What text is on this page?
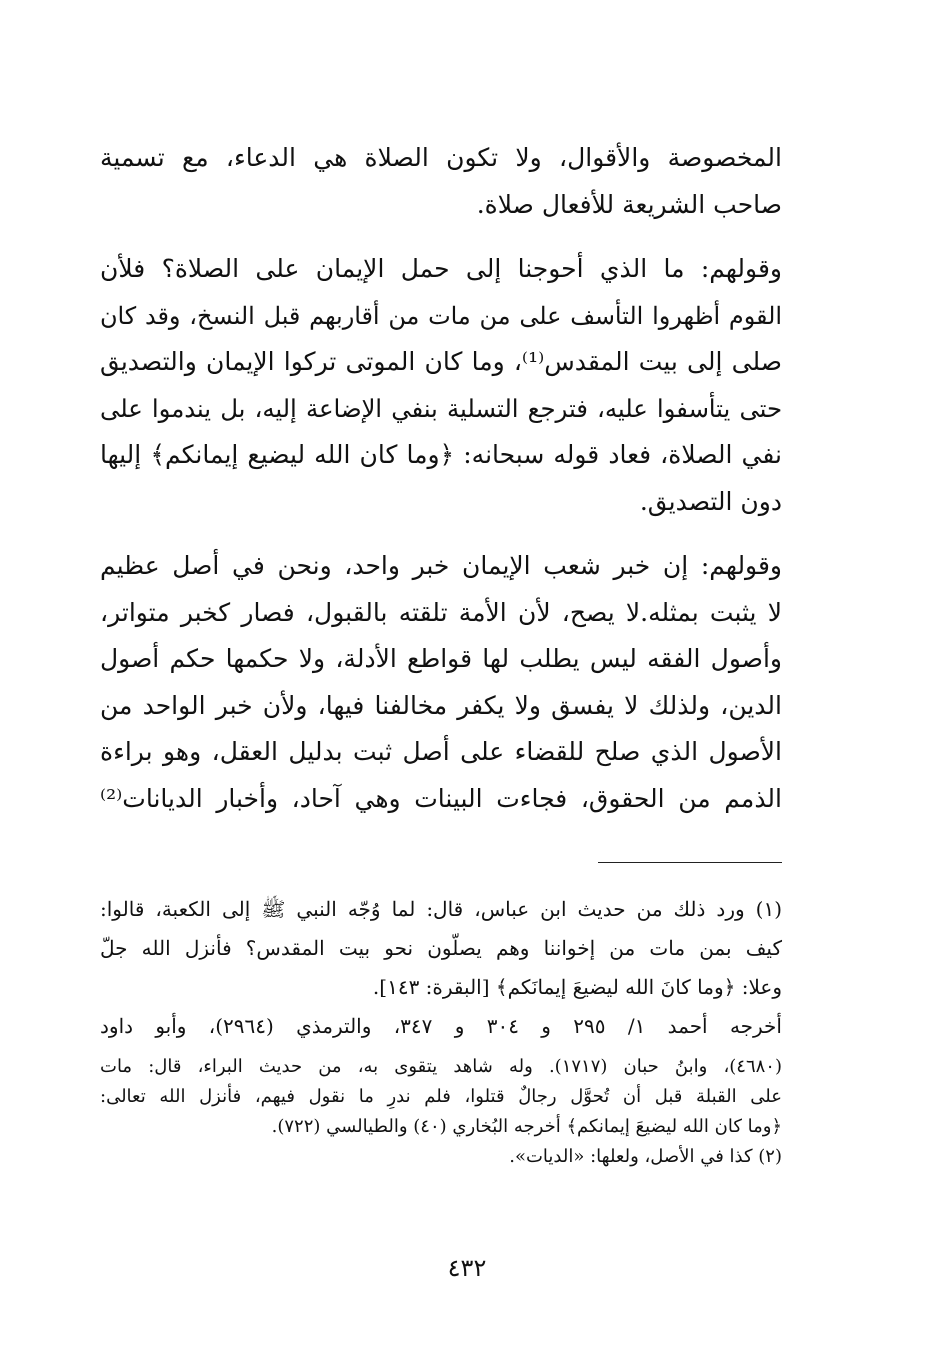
المخصوصة والأقوال، ولا تكون الصلاة هي الدعاء، مع تسمية
صاحب الشريعة للأفعال صلاة.

وقولهم: ما الذي أحوجنا إلى حمل الإيمان على الصلاة؟ فلأن
القوم أظهروا التأسف على من مات من أقاربهم قبل النسخ، وقد كان
صلى إلى بيت المقدس⁽¹⁾، وما كان الموتى تركوا الإيمان والتصديق
حتى يتأسفوا عليه، فترجع التسلية بنفي الإضاعة إليه، بل يندموا على
نفي الصلاة، فعاد قوله سبحانه: ﴿وما كان الله ليضيع إيمانكم﴾ إليها
دون التصديق.

وقولهم: إن خبر شعب الإيمان خبر واحد، ونحن في أصل عظيم
لا يثبت بمثله.لا يصح، لأن الأمة تلقته بالقبول، فصار كخبر متواتر،
وأصول الفقه ليس يطلب لها قواطع الأدلة، ولا حكمها حكم أصول
الدين، ولذلك لا يفسق ولا يكفر مخالفنا فيها، ولأن خبر الواحد من
الأصول الذي صلح للقضاء على أصل ثبت بدليل العقل، وهو براءة
الذمم من الحقوق، فجاءت البينات وهي آحاد، وأخبار الديانات⁽²⁾

(١) ورد ذلك من حديث ابن عباس، قال: لما وُجّه النبي ﷺ إلى الكعبة، قالوا:
كيف بمن مات من إخواننا وهم يصلّون نحو بيت المقدس؟ فأنزل الله جلّ
وعلا: ﴿وما كانَ الله ليضيعَ إيمانَكم﴾ [البقرة: ١٤٣].
أخرجه أحمد ١/ ٢٩٥ و ٣٠٤ و ٣٤٧، والترمذي (٢٩٦٤)، وأبو داود
(٤٦٨٠)، وابنُ حبان (١٧١٧). وله شاهد يتقوى به، من حديث البراء، قال: مات
على القبلة قبل أن تُحوَّل رجالٌ قتلوا، فلم ندرِ ما نقول فيهم، فأنزل الله تعالى:
﴿وما كان الله ليضيعَ إيمانكم﴾ أخرجه البُخاري (٤٠) والطيالسي (٧٢٢).
(٢) كذا في الأصل، ولعلها: «الديات».
٤٣٢
